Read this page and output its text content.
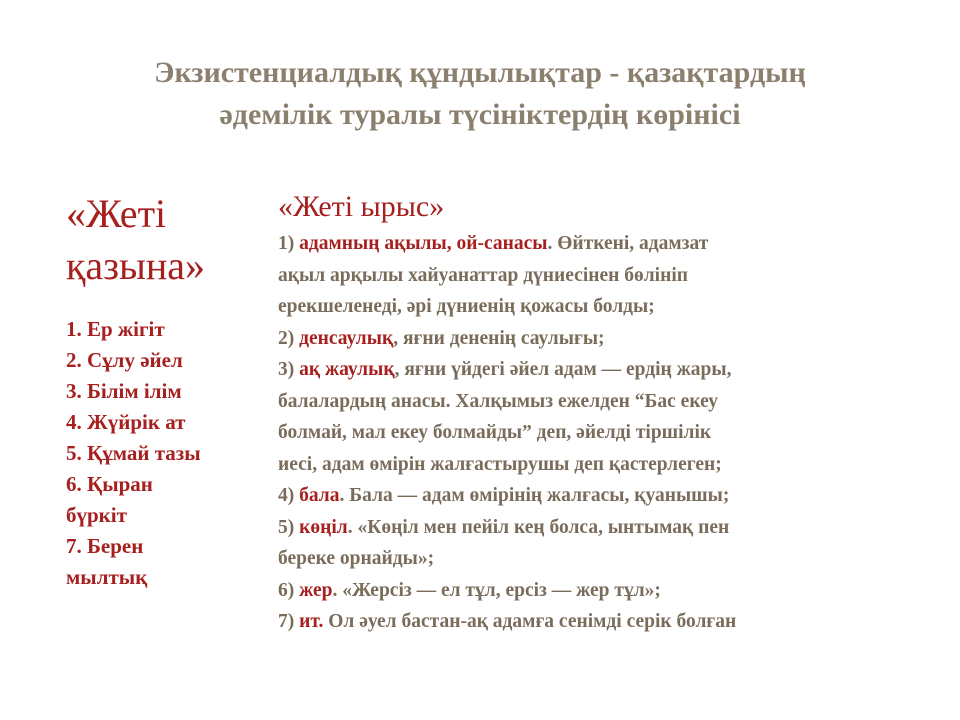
Экзистенциалдық құндылықтар - қазақтардың
әдемілік туралы түсініктердің көрінісі
«Жеті
қазына»
1. Ер жігіт
2. Сұлу әйел
3. Білім ілім
4. Жүйрік ат
5. Құмай тазы
6. Қыран
бүркіт
7. Берен
мылтық
«Жеті ырыс»

1) адамның ақылы, ой-санасы. Өйткені, адамзат

ақыл арқылы хайуанаттар дүниесінен бөлініп

ерекшеленеді, әрі дүниенің қожасы болды;

2) денсаулық, яғни дененің саулығы;

3) ақ жаулық, яғни үйдегі әйел адам — ердің жары,

балалардың анасы. Халқымыз ежелден “Бас екеу

болмай, мал екеу болмайды” деп, әйелді тіршілік

иесі, адам өмірін жалғастырушы деп қастерлеген;

4) бала. Бала — адам өмірінің жалғасы, қуанышы;

5) көңіл. «Көңіл мен пейіл кең болса, ынтымақ пен

береке орнайды»;

6) жер. «Жерсіз — ел тұл, ерсіз — жер тұл»;

7) ит. Ол әуел бастан-ақ адамға сенімді серік болған
